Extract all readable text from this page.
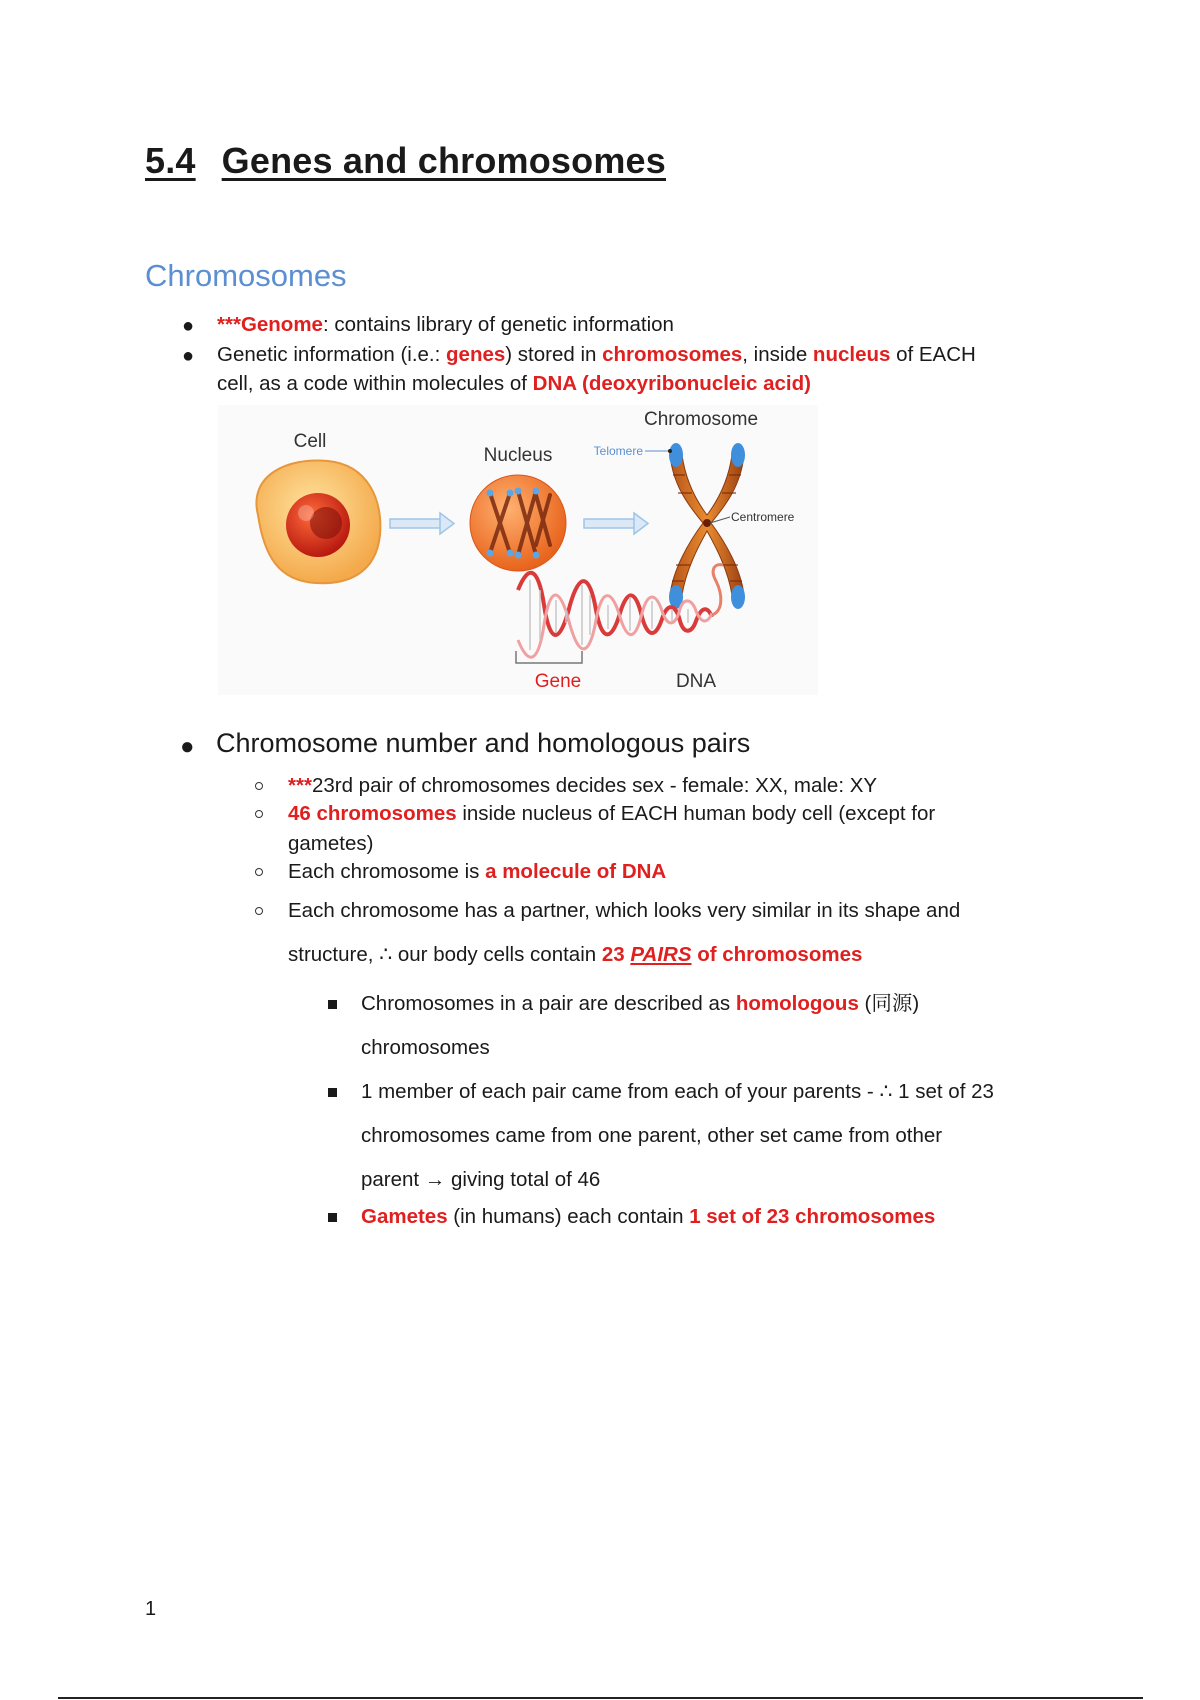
5.4 Genes and chromosomes
Chromosomes
● ***Genome: contains library of genetic information
● Genetic information (i.e.: genes) stored in chromosomes, inside nucleus of EACH
cell, as a code within molecules of DNA (deoxyribonucleic acid)
Cell
Nucleus
Chromosome
Telomere
Centromere
Gene	DNA
● Chromosome number and homologous pairs
***23rd pair of chromosomes decides sex - female: XX, male: XY
46 chromosomes inside nucleus of EACH human body cell (except for
gametes)
Each chromosome is a molecule of DNA
Each chromosome has a partner, which looks very similar in its shape and
structure, ∴ our body cells contain 23 PAIRS of chromosomes
Chromosomes in a pair are described as homologous (同源)
chromosomes
1 member of each pair came from each of your parents - ∴ 1 set of 23
chromosomes came from one parent, other set came from other
parent → giving total of 46
Gametes (in humans) each contain 1 set of 23 chromosomes
1
